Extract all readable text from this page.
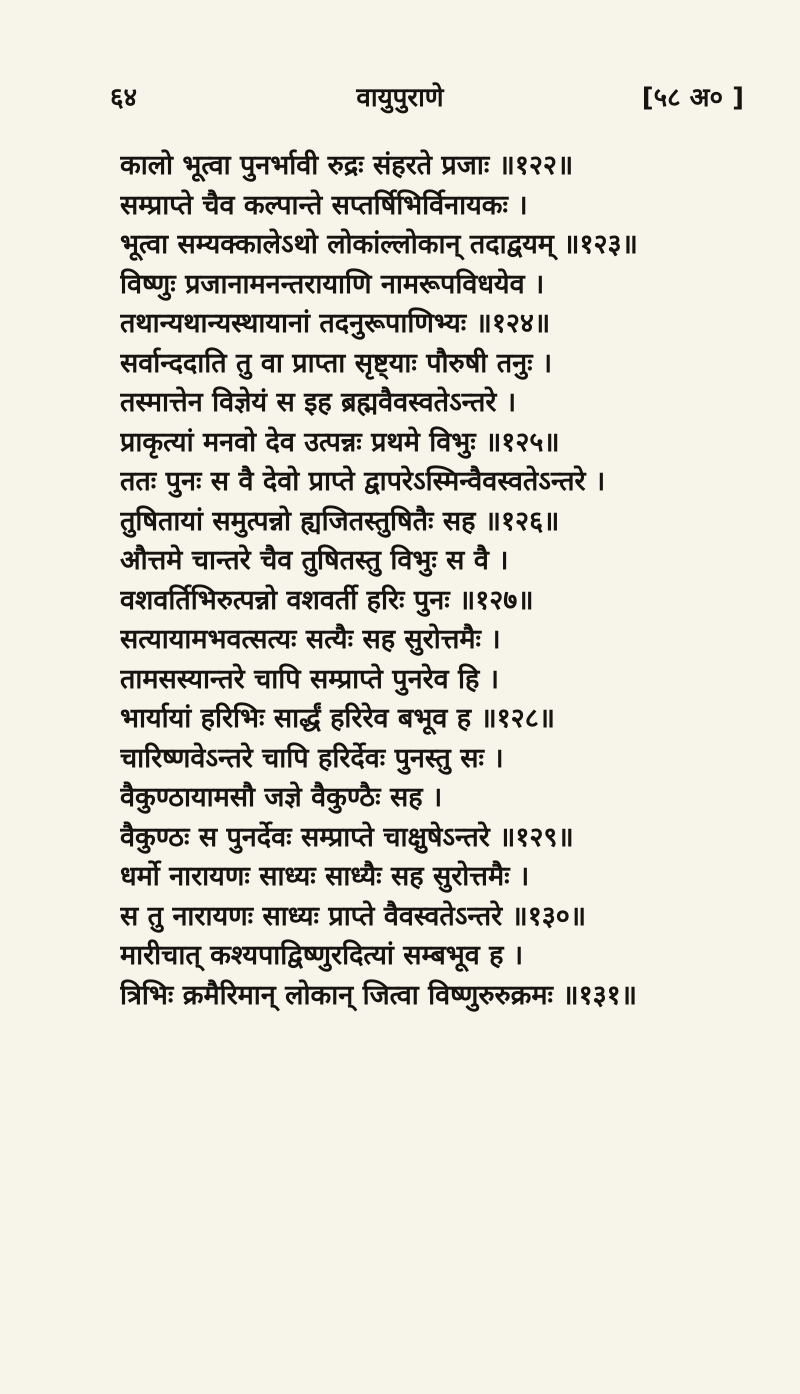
६४	वायुपुराणे	[५८ अ० ]
कालो भूत्वा पुनर्भावी रुद्रः संहरते प्रजाः ॥१२२॥
सम्प्राप्ते चैव कल्पान्ते सप्तर्षिभिर्विनायकः ।
भूत्वा सम्यक्कालेऽथो लोकांल्लोकान् तदाद्वयम् ॥१२३॥
विष्णुः प्रजानामनन्तरायाणि नामरूपविधयेव ।
तथान्यथान्यस्थायानां तदनुरूपाणिभ्यः ॥१२४॥
सर्वान्ददाति तु वा प्राप्ता सृष्ट्याः पौरुषी तनुः ।
तस्मात्तेन विज्ञेयं स इह ब्रह्मवैवस्वतेऽन्तरे ।
प्राकृत्यां मनवो देव उत्पन्नः प्रथमे विभुः ॥१२५॥
ततः पुनः स वै देवो प्राप्ते द्वापरेऽस्मिन्वैवस्वतेऽन्तरे ।
तुषितायां समुत्पन्नो ह्यजितस्तुषितैः सह ॥१२६॥
औत्तमे चान्तरे चैव तुषितस्तु विभुः स वै ।
वशवर्तिभिरुत्पन्नो वशवर्ती हरिः पुनः ॥१२७॥
सत्यायामभवत्सत्यः सत्यैः सह सुरोत्तमैः ।
तामसस्यान्तरे चापि सम्प्राप्ते पुनरेव हि ।
भार्यायां हरिभिः सार्द्धं हरिरेव बभूव ह ॥१२८॥
चारिष्णवेऽन्तरे चापि हरिर्देवः पुनस्तु सः ।
वैकुण्ठायामसौ जज्ञे वैकुण्ठैः सह ।
वैकुण्ठः स पुनर्देवः सम्प्राप्ते चाक्षुषेऽन्तरे ॥१२९॥
धर्मो नारायणः साध्यः साध्यैः सह सुरोत्तमैः ।
स तु नारायणः साध्यः प्राप्ते वैवस्वतेऽन्तरे ॥१३०॥
मारीचात् कश्यपाद्विष्णुरदित्यां सम्बभूव ह ।
त्रिभिः क्रमैरिमान् लोकान् जित्वा विष्णुरुरुक्रमः ॥१३१॥
